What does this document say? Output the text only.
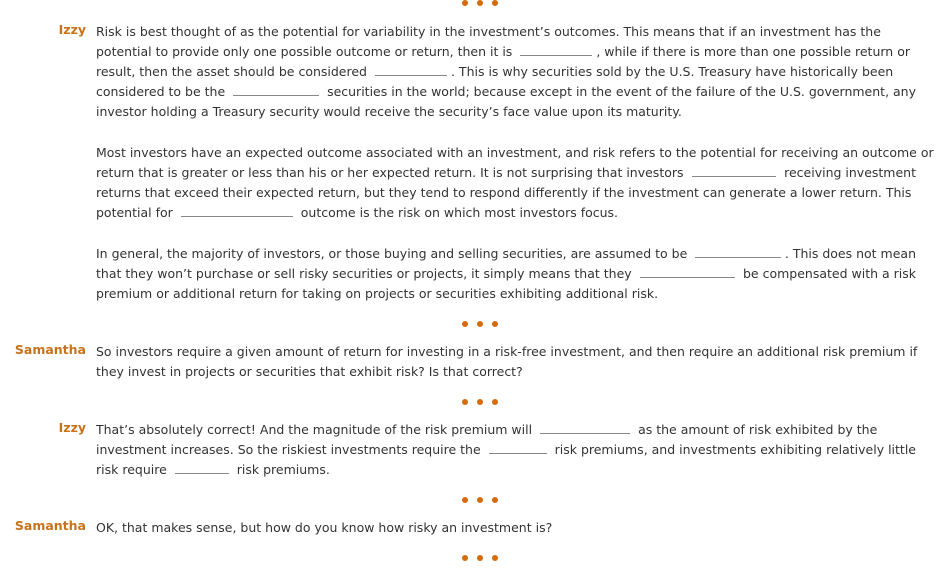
Izzy Risk is best thought of as the potential for variability in the investment’s outcomes. This means that if an investment has the
potential to provide only one possible outcome or return, then it is	, while if there is more than one possible return or
result, then the asset should be considered	. This is why securities sold by the U.S. Treasury have historically been
considered to be the	securities in the world; because except in the event of the failure of the U.S. government, any
investor holding a Treasury security would receive the security’s face value upon its maturity.
Most investors have an expected outcome associated with an investment, and risk refers to the potential for receiving an outcome or
return that is greater or less than his or her expected return. It is not surprising that investors	receiving investment
returns that exceed their expected return, but they tend to respond differently if the investment can generate a lower return. This
potential for	outcome is the risk on which most investors focus.
In general, the majority of investors, or those buying and selling securities, are assumed to be	. This does not mean
that they won’t purchase or sell risky securities or projects, it simply means that they	be compensated with a risk
premium or additional return for taking on projects or securities exhibiting additional risk.
Samantha So investors require a given amount of return for investing in a risk-free investment, and then require an additional risk premium if
they invest in projects or securities that exhibit risk? Is that correct?
Izzy That’s absolutely correct! And the magnitude of the risk premium will	as the amount of risk exhibited by the
investment increases. So the riskiest investments require the	risk premiums, and investments exhibiting relatively little
risk require	risk premiums.
Samantha OK, that makes sense, but how do you know how risky an investment is?
